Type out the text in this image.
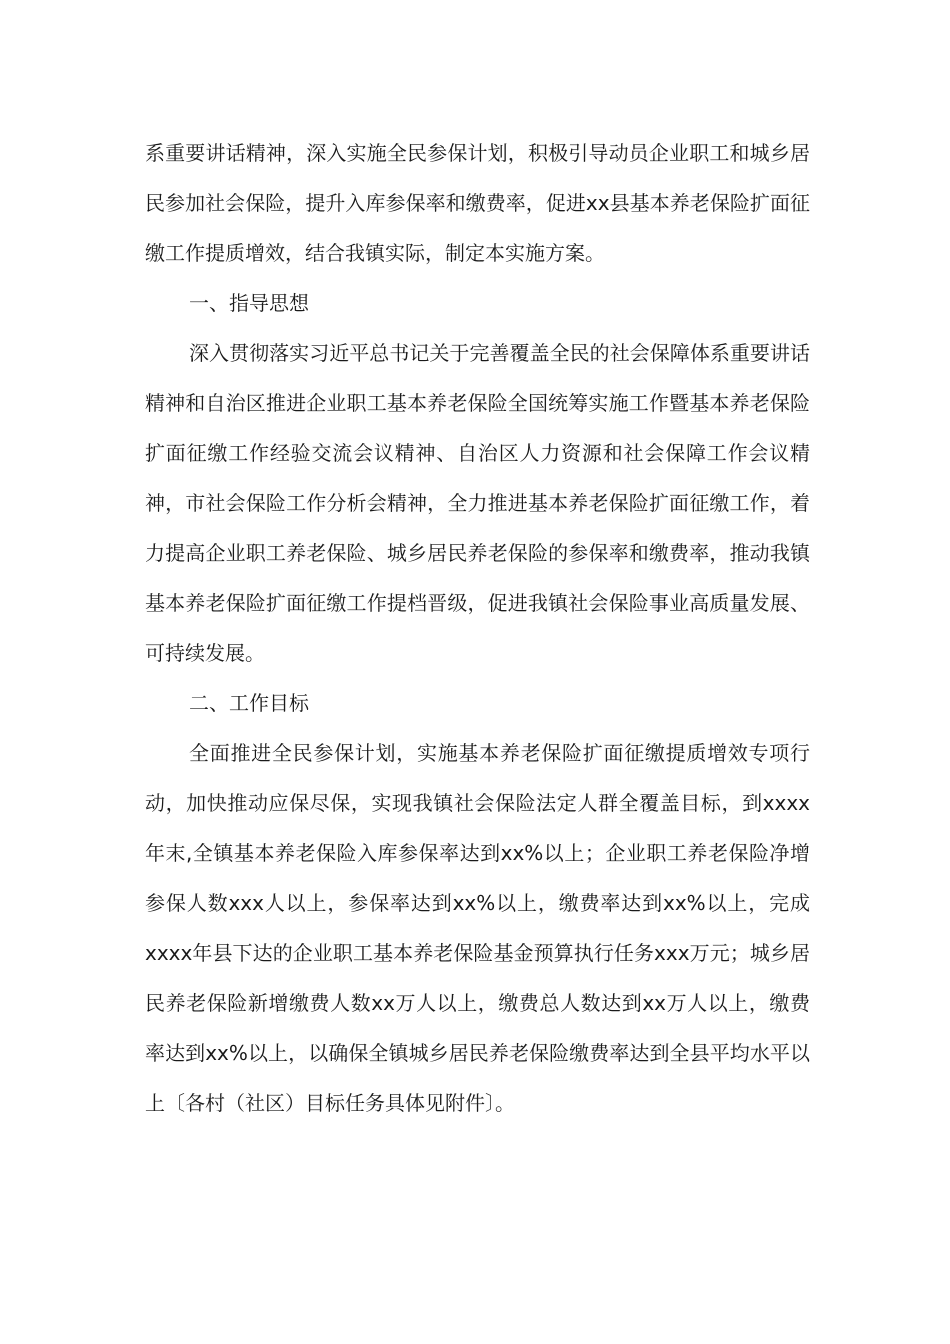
系重要讲话精神，深入实施全民参保计划，积极引导动员企业职工和城乡居民参加社会保险，提升入库参保率和缴费率，促进xx县基本养老保险扩面征缴工作提质增效，结合我镇实际，制定本实施方案。

一、指导思想

深入贯彻落实习近平总书记关于完善覆盖全民的社会保障体系重要讲话精神和自治区推进企业职工基本养老保险全国统筹实施工作暨基本养老保险扩面征缴工作经验交流会议精神、自治区人力资源和社会保障工作会议精神，市社会保险工作分析会精神，全力推进基本养老保险扩面征缴工作，着力提高企业职工养老保险、城乡居民养老保险的参保率和缴费率，推动我镇基本养老保险扩面征缴工作提档晋级，促进我镇社会保险事业高质量发展、可持续发展。

二、工作目标

全面推进全民参保计划，实施基本养老保险扩面征缴提质增效专项行动，加快推动应保尽保，实现我镇社会保险法定人群全覆盖目标，到xxxx年末,全镇基本养老保险入库参保率达到xx%以上；企业职工养老保险净增参保人数xxx人以上，参保率达到xx%以上，缴费率达到xx%以上，完成xxxx年县下达的企业职工基本养老保险基金预算执行任务xxx万元；城乡居民养老保险新增缴费人数xx万人以上，缴费总人数达到xx万人以上，缴费率达到xx%以上，以确保全镇城乡居民养老保险缴费率达到全县平均水平以上〔各村（社区）目标任务具体见附件〕。
